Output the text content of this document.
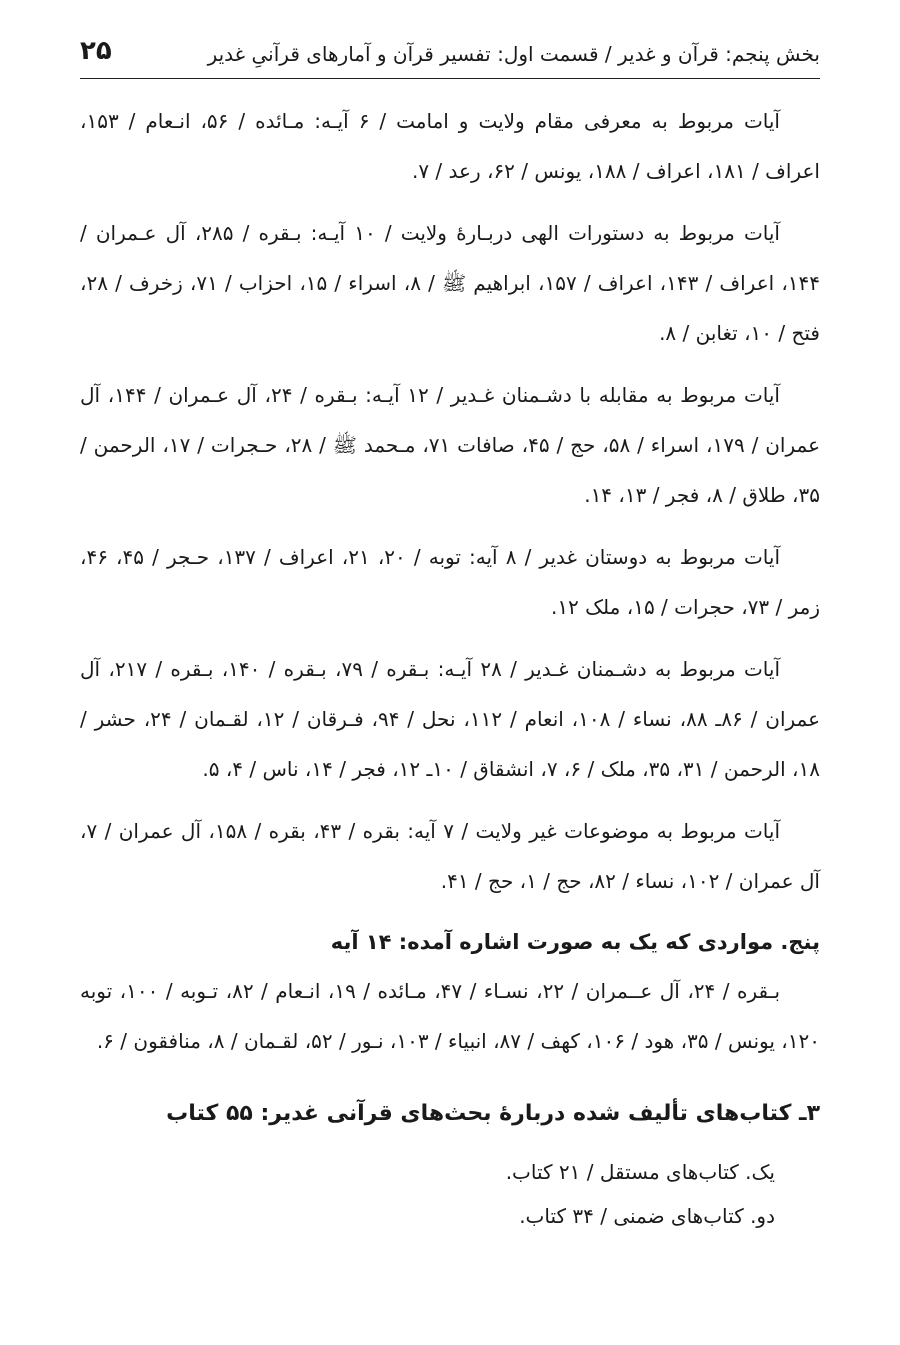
بخش پنجم: قرآن و غدیر / قسمت اول: تفسیر قرآن و آمارهای قرآنیِ غدیر
۲۵

آیات مربوط به معرفی مقام ولایت و امامت / ۶ آیـه: مـائده / ۵۶، انـعام / ۱۵۳، اعراف / ۱۸۱، اعراف / ۱۸۸، یونس / ۶۲، رعد / ۷.

آیات مربوط به دستورات الهی دربـارهٔ ولایت / ۱۰ آیـه: بـقره / ۲۸۵، آل عـمران / ۱۴۴، اعراف / ۱۴۳، اعراف / ۱۵۷، ابراهیم ﷺ / ۸، اسراء / ۱۵، احزاب / ۷۱، زخرف / ۲۸، فتح / ۱۰، تغابن / ۸.

آیات مربوط به مقابله با دشـمنان غـدیر / ۱۲ آیـه: بـقره / ۲۴، آل عـمران / ۱۴۴، آل عمران / ۱۷۹، اسراء / ۵۸، حج / ۴۵، صافات ۷۱، مـحمد ﷺ / ۲۸، حـجرات / ۱۷، الرحمن / ۳۵، طلاق / ۸، فجر / ۱۳، ۱۴.

آیات مربوط به دوستان غدیر / ۸ آیه: توبه / ۲۰، ۲۱، اعراف / ۱۳۷، حـجر / ۴۵، ۴۶، زمر / ۷۳، حجرات / ۱۵، ملک ۱۲.

آیات مربوط به دشـمنان غـدیر / ۲۸ آیـه: بـقره / ۷۹، بـقره / ۱۴۰، بـقره / ۲۱۷، آل عمران / ۸۶ـ ۸۸، نساء / ۱۰۸، انعام / ۱۱۲، نحل / ۹۴، فـرقان / ۱۲، لقـمان / ۲۴، حشر / ۱۸، الرحمن / ۳۱، ۳۵، ملک / ۶، ۷، انشقاق / ۱۰ـ ۱۲، فجر / ۱۴، ناس / ۴، ۵.

آیات مربوط به موضوعات غیر ولایت / ۷ آیه: بقره / ۴۳، بقره / ۱۵۸، آل عمران / ۷، آل عمران / ۱۰۲، نساء / ۸۲، حج / ۱، حج / ۴۱.

پنج. مواردی که یک به صورت اشاره آمده: ۱۴ آیه

بـقره / ۲۴، آل عــمران / ۲۲، نسـاء / ۴۷، مـائده / ۱۹، انـعام / ۸۲، تـوبه / ۱۰۰، توبه ۱۲۰، یونس / ۳۵، هود / ۱۰۶، کهف / ۸۷، انبیاء / ۱۰۳، نـور / ۵۲، لقـمان / ۸، منافقون / ۶.

۳ـ کتاب‌های تألیف شده دربارهٔ بحث‌های قرآنی غدیر: ۵۵ کتاب

یک. کتاب‌های مستقل / ۲۱ کتاب.

دو. کتاب‌های ضمنی / ۳۴ کتاب.
